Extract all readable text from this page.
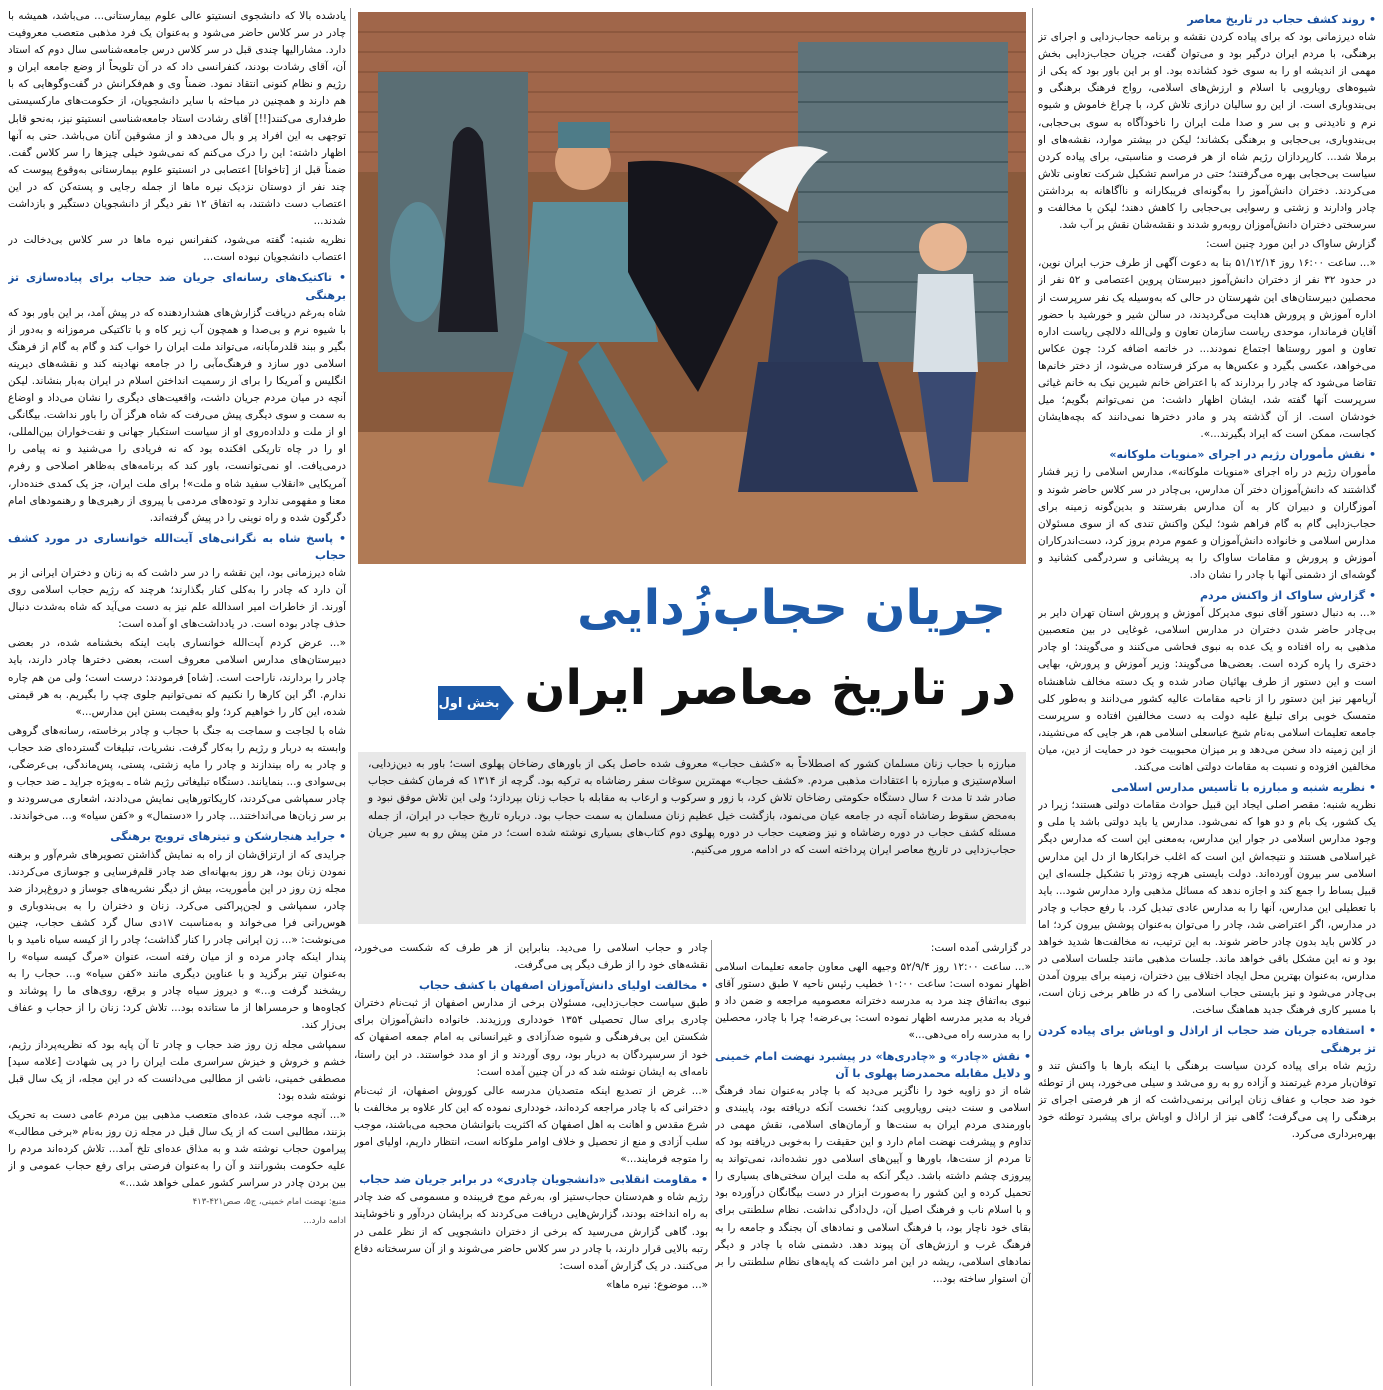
• روند کشف حجاب در تاریخ معاصر

شاه دیرزمانی بود که برای پیاده کردن نقشه و برنامه حجاب‌زدایی و اجرای تز برهنگی، با مردم ایران درگیر بود و می‌توان گفت، جریان حجاب‌زدایی بخش مهمی از اندیشه او را به سوی خود کشانده بود. او بر این باور بود که یکی از شیوه‌های رویارویی با اسلام و ارزش‌های اسلامی، رواج فرهنگ برهنگی و بی‌بندوباری است. از این رو سالیان درازی تلاش کرد، با چراغ خاموش و شیوه نرم و نادیدنی و بی سر و صدا ملت ایران را ناخودآگاه به سوی بی‌حجابی، بی‌بندوباری، بی‌حجابی و برهنگی بکشاند؛ لیکن در بیشتر موارد، نقشه‌های او برملا شد... کارپردازان رژیم شاه از هر فرصت و مناسبتی، برای پیاده کردن سیاست بی‌حجابی بهره می‌گرفتند؛ حتی در مراسم تشکیل شرکت تعاونی تلاش می‌کردند. دختران دانش‌آموز را به‌گونه‌ای فریبکارانه و ناآگاهانه به برداشتن چادر وادارند و زشتی و رسوایی بی‌حجابی را کاهش دهند؛ لیکن با مخالفت و سرسختی دختران دانش‌آموزان روبه‌رو شدند و نقشه‌شان نقش بر آب شد.

گزارش ساواک در این مورد چنین است:

«... ساعت ۱۶:۰۰ روز ۵۱/۱۲/۱۴ بنا به دعوت آگهی از طرف حزب ایران نوین، در حدود ۳۲ نفر از دختران دانش‌آموز دبیرستان پروین اعتصامی و ۵۲ نفر از محصلین دبیرستان‌های این شهرستان در حالی که به‌وسیله یک نفر سرپرست از اداره آموزش و پرورش هدایت می‌گردیدند، در سالن شیر و خورشید با حضور آقایان فرماندار، موحدی ریاست سازمان تعاون و ولی‌الله دلالچی ریاست اداره تعاون و امور روستاها اجتماع نمودند... در خاتمه اضافه کرد: چون عکاس می‌خواهد، عکسی بگیرد و عکس‌ها به مرکز فرستاده می‌شود، از دختر خانم‌ها تقاضا می‌شود که چادر را بردارند که با اعتراض خانم شیرین نیک به خانم غیاثی سرپرست آنها گفته شد، ایشان اظهار داشت: من نمی‌توانم بگویم؛ میل خودشان است. از آن گذشته پدر و مادر دخترها نمی‌دانند که بچه‌هایشان کجاست، ممکن است که ایراد بگیرند...».

• نقش مأموران رژیم در اجرای «منویات ملوکانه»

مأموران رژیم در راه اجرای «منویات ملوکانه»، مدارس اسلامی را زیر فشار گذاشتند که دانش‌آموزان دختر آن مدارس، بی‌چادر در سر کلاس حاضر شوند و آموزگاران و دبیران کار به آن مدارس بفرستند و بدین‌گونه زمینه برای حجاب‌زدایی گام به گام فراهم شود؛ لیکن واکنش تندی که از سوی مسئولان مدارس اسلامی و خانواده دانش‌آموزان و عموم مردم بروز کرد، دست‌اندرکاران آموزش و پرورش و مقامات ساواک را به پریشانی و سردرگمی کشانید و گوشه‌ای از دشمنی آنها با چادر را نشان داد.

• گزارش ساواک از واکنش مردم

«... به دنبال دستور آقای نبوی مدیرکل آموزش و پرورش استان تهران دایر بر بی‌چادر حاضر شدن دختران در مدارس اسلامی، غوغایی در بین متعصبین مذهبی به راه افتاده و یک عده به نبوی فحاشی می‌کنند و می‌گویند: او چادر دختری را پاره کرده است. بعضی‌ها می‌گویند: وزیر آموزش و پرورش، بهایی است و این دستور از طرف بهائیان صادر شده و یک دسته مخالف شاهنشاه آریامهر نیز این دستور را از ناحیه مقامات عالیه کشور می‌دانند و به‌طور کلی متمسک خوبی برای تبلیغ علیه دولت به دست مخالفین افتاده و سرپرست جامعه تعلیمات اسلامی به‌نام شیخ عباسعلی اسلامی هم، هر جایی که می‌نشیند، از این زمینه داد سخن می‌دهد و بر میزان محبوبیت خود در حمایت از دین، میان مخالفین افزوده و نسبت به مقامات دولتی اهانت می‌کند.

• نظریه شنبه و مبارزه با تأسیس مدارس اسلامی

نظریه شنبه: مقصر اصلی ایجاد این قبیل حوادث مقامات دولتی هستند؛ زیرا در یک کشور، یک بام و دو هوا که نمی‌شود. مدارس یا باید دولتی باشد یا ملی و وجود مدارس اسلامی در جوار این مدارس، به‌معنی این است که مدارس دیگر غیراسلامی هستند و نتیجه‌اش این است که اغلب خرابکارها از دل این مدارس اسلامی سر بیرون آورده‌اند. دولت بایستی هرچه زودتر با تشکیل جلسه‌ای این قبیل بساط را جمع کند و اجازه ندهد که مسائل مذهبی وارد مدارس شود... باید با تعطیلی این مدارس، آنها را به مدارس عادی تبدیل کرد. با رفع حجاب و چادر در مدارس، اگر اعتراضی شد، چادر را می‌توان به‌عنوان پوشش بیرون کرد؛ اما در کلاس باید بدون چادر حاضر شوند. به این ترتیب، نه مخالفت‌ها شدید خواهد بود و نه این مشکل باقی خواهد ماند. جلسات مذهبی مانند جلسات اسلامی در مدارس، به‌عنوان بهترین محل ایجاد اختلاف بین دختران، زمینه برای بیرون آمدن بی‌چادر می‌شود و نیز بایستی حجاب اسلامی را که در ظاهر برخی زنان است، با مسیر کاری فرهنگ جدید هماهنگ ساخت.

• استفاده جریان ضد حجاب از اراذل و اوباش برای پیاده کردن تز برهنگی

رژیم شاه برای پیاده کردن سیاست برهنگی با اینکه بارها با واکنش تند و توفان‌بار مردم غیرتمند و آزاده رو به رو می‌شد و سیلی می‌خورد، پس از توطئه خود ضد حجاب و عفاف زنان ایرانی برنمی‌داشت که از هر فرصتی اجرای تز برهنگی را پی می‌گرفت؛ گاهی نیز از اراذل و اوباش برای پیشبرد توطئه خود بهره‌برداری می‌کرد.

یادشده بالا که دانشجوی انستیتو عالی علوم بیمارستانی... می‌باشد، همیشه با چادر در سر کلاس حاضر می‌شود و به‌عنوان یک فرد مذهبی متعصب معروفیت دارد. مشارالیها چندی قبل در سر کلاس درس جامعه‌شناسی سال دوم که استاد آن، آقای رشادت بودند، کنفرانسی داد که در آن تلویحاً از وضع جامعه ایران و رژیم و نظام کنونی انتقاد نمود. ضمناً وی و هم‌فکرانش در گفت‌وگوهایی که با هم دارند و همچنین در مباحثه با سایر دانشجویان، از حکومت‌های مارکسیستی طرفداری می‌کنند[!!] آقای رشادت استاد جامعه‌شناسی انستیتو نیز، به‌نحو قابل توجهی به این افراد پر و بال می‌دهد و از مشوقین آنان می‌باشد. حتی به آنها اظهار داشته: این را درک می‌کنم که نمی‌شود خیلی چیزها را سر کلاس گفت. ضمناً قبل از [تاخوانا] اعتصابی در انستیتو علوم بیمارستانی به‌وقوع پیوست که چند نفر از دوستان نزدیک نیره ماها از جمله رجایی و پسته‌کن که در این اعتصاب دست داشتند، به اتفاق ۱۲ نفر دیگر از دانشجویان دستگیر و بازداشت شدند...

نظریه شنبه: گفته می‌شود، کنفرانس نیره ماها در سر کلاس بی‌دخالت در اعتصاب دانشجویان نبوده است...

• تاکتیک‌های رسانه‌ای جریان ضد حجاب برای پیاده‌سازی تز برهنگی

شاه به‌رغم دریافت گزارش‌های هشداردهنده که در پیش آمد، بر این باور بود که با شیوه نرم و بی‌صدا و همچون آب زیر کاه و با تاکتیکی مرموزانه و به‌دور از بگیر و ببند قلدرمآبانه، می‌تواند ملت ایران را خواب کند و گام به گام از فرهنگ اسلامی دور سازد و فرهنگ‌مآبی را در جامعه نهادینه کند و نقشه‌های دیرینه انگلیس و آمریکا را برای از رسمیت انداختن اسلام در ایران به‌بار بنشاند. لیکن آنچه در میان مردم جریان داشت، واقعیت‌های دیگری را نشان می‌داد و اوضاع به سمت و سوی دیگری پیش می‌رفت که شاه هرگز آن را باور نداشت. بیگانگی او از ملت و دلداده‌روی او از سیاست استکبار جهانی و نفت‌خواران بین‌المللی، او را در چاه تاریکی افکنده بود که نه فریادی را می‌شنید و نه پیامی را درمی‌یافت. او نمی‌توانست، باور کند که برنامه‌های به‌ظاهر اصلاحی و رفرم آمریکایی «انقلاب سفید شاه و ملت»! برای ملت ایران، جز یک کمدی خنده‌دار، معنا و مفهومی ندارد و توده‌های مردمی با پیروی از رهبری‌ها و رهنمودهای امام دگرگون شده و راه نوینی را در پیش گرفته‌اند.

• پاسخ شاه به نگرانی‌های آیت‌الله خوانساری در مورد کشف حجاب

شاه دیرزمانی بود، این نقشه را در سر داشت که به زنان و دختران ایرانی از بر آن دارد که چادر را به‌کلی کنار بگذارند؛ هرچند که رژیم حجاب اسلامی روی آورند. از خاطرات امیر اسدالله علم نیز به دست می‌آید که شاه به‌شدت دنبال حذف چادر بوده است. در یادداشت‌های او آمده است:

«... عرض کردم آیت‌الله خوانساری بابت اینکه بخشنامه شده، در بعضی دبیرستان‌های مدارس اسلامی معروف است، بعضی دخترها چادر دارند، باید چادر را بردارند، ناراحت است. [شاه] فرمودند: درست است؛ ولی من هم چاره ندارم. اگر این کارها را نکنیم که نمی‌توانیم جلوی چپ را بگیریم. به هر قیمتی شده، این کار را خواهیم کرد؛ ولو به‌قیمت بستن این مدارس...»

شاه با لجاجت و سماجت به جنگ با حجاب و چادر برخاسته، رسانه‌های گروهی وابسته به دربار و رژیم را به‌کار گرفت. نشریات، تبلیغات گسترده‌ای ضد حجاب و چادر به راه بیندازند و چادر را مایه زشتی، پستی، پس‌ماندگی، بی‌عرضگی، بی‌سوادی و... بنمایانند. دستگاه تبلیغاتی رژیم شاه ـ به‌ویژه جراید ـ ضد حجاب و چادر سمپاشی می‌کردند، کاریکاتورهایی نمایش می‌دادند، اشعاری می‌سرودند و بر سر زبان‌ها می‌انداختند... چادر را «دستمال» و «کفن سیاه» و... می‌خواندند.

• جراید هنجارشکن و تیترهای ترویج برهنگی

جرایدی که از ارتزاق‌شان از راه به نمایش گذاشتن تصویرهای شرم‌آور و برهنه نمودن زنان بود، هر روز به‌بهانه‌ای ضد چادر قلم‌فرسایی و جوسازی می‌کردند. مجله زن روز در این مأموریت، بیش از دیگر نشریه‌های جوساز و دروغ‌پرداز ضد چادر، سمپاشی و لجن‌پراکنی می‌کرد. زنان و دختران را به بی‌بندوباری و هوس‌رانی فرا می‌خواند و به‌مناسبت ۱۷دی سال گرد کشف حجاب، چنین می‌نوشت: «... زن ایرانی چادر را کنار گذاشت؛ چادر را از کیسه سیاه نامید و با پندار اینکه چادر مرده و از میان رفته است، عنوان «مرگ کیسه سیاه» را به‌عنوان تیتر برگزید و با عناوین دیگری مانند «کفن سیاه» و... حجاب را به ریشخند گرفت و...» و دیروز سیاه چادر و برقع، روی‌های ما را پوشاند و کجاوه‌ها و حرمسراها از ما ستانده بود... تلاش کرد: زنان را از حجاب و عفاف بی‌زار کند.

سمپاشی مجله زن روز ضد حجاب و چادر تا آن پایه بود که نظریه‌پرداز رژیم، خشم و خروش و خیزش سراسری ملت ایران را در پی شهادت [علامه سید] مصطفی خمینی، ناشی از مطالبی می‌دانست که در این مجله، از یک سال قبل نوشته شده بود:

«... آنچه موجب شد، عده‌ای متعصب مذهبی بین مردم عامی دست به تحریک بزنند، مطالبی است که از یک سال قبل در مجله زن روز به‌نام «برخی مطالب» پیرامون حجاب نوشته شد و به مذاق عده‌ای تلخ آمد... تلاش کرده‌اند مردم را علیه حکومت بشورانند و آن را به‌عنوان فرصتی برای رفع حجاب عمومی و از بین بردن چادر در سراسر کشور عملی خواهد شد...»

منبع: نهضت امام خمینی، ج۵، صص۴۲۱-۴۱۳

ادامه دارد...

جریان حجاب‌زُدایی
در تاریخ معاصر ایران
بخش اول
مبارزه با حجاب زنان مسلمان کشور که اصطلاحاً به «کشف حجاب» معروف شده حاصل یکی از باورهای رضاخان پهلوی است؛ باور به دین‌زدایی، اسلام‌ستیزی و مبارزه با اعتقادات مذهبی مردم. «کشف حجاب» مهمترین سوغات سفر رضاشاه به ترکیه بود. گرچه از ۱۳۱۴ که فرمان کشف حجاب صادر شد تا مدت ۶ سال دستگاه حکومتی رضاخان تلاش کرد، با زور و سرکوب و ارعاب به مقابله با حجاب زنان بپردازد؛ ولی این تلاش موفق نبود و به‌محض سقوط رضاشاه آنچه در جامعه عیان می‌نمود، بازگشت خیل عظیم زنان مسلمان به سمت حجاب بود. درباره تاریخ حجاب در ایران، از جمله مسئله کشف حجاب در دوره رضاشاه و نیز وضعیت حجاب در دوره پهلوی دوم کتاب‌های بسیاری نوشته شده است؛ در متن پیش رو به سیر جریان حجاب‌زدایی در تاریخ معاصر ایران پرداخته است که در ادامه مرور می‌کنیم.

در گزارشی آمده است:

«... ساعت ۱۲:۰۰ روز ۵۲/۹/۴ وجیهه الهی معاون جامعه تعلیمات اسلامی اظهار نموده است: ساعت ۱۰:۰۰ خطیب رئیس ناحیه ۷ طبق دستور آقای نبوی به‌اتفاق چند مرد به مدرسه دخترانه معصومیه مراجعه و ضمن داد و فریاد به مدیر مدرسه اظهار نموده است: بی‌عرضه! چرا با چادر، محصلین را به مدرسه راه می‌دهی...»

• نقش «چادر» و «چادری‌ها» در پیشبرد نهضت امام خمینی و دلایل مقابله محمدرضا پهلوی با آن

شاه از دو زاویه خود را ناگزیر می‌دید که با چادر به‌عنوان نماد فرهنگ اسلامی و سنت دینی رویارویی کند؛ نخست آنکه دریافته بود، پایبندی و باورمندی مردم ایران به سنت‌ها و آرمان‌های اسلامی، نقش مهمی در تداوم و پیشرفت نهضت امام دارد و این حقیقت را به‌خوبی دریافته بود که تا مردم از سنت‌ها، باورها و آیین‌های اسلامی دور نشده‌اند، نمی‌تواند به پیروزی چشم داشته باشد. دیگر آنکه به ملت ایران سختی‌های بسیاری را تحمیل کرده و این کشور را به‌صورت ابزار در دست بیگانگان درآورده بود و با اسلام ناب و فرهنگ اصیل آن، دل‌دادگی نداشت. نظام سلطنتی برای بقای خود ناچار بود، با فرهنگ اسلامی و نمادهای آن بجنگد و جامعه را به فرهنگ غرب و ارزش‌های آن پیوند دهد. دشمنی شاه با چادر و دیگر نمادهای اسلامی، ریشه در این امر داشت که پایه‌های نظام سلطنتی را بر آن استوار ساخته بود...

چادر و حجاب اسلامی را می‌دید. بنابراین از هر طرف که شکست می‌خورد، نقشه‌های خود را از طرف دیگر پی می‌گرفت.

• مخالفت اولیای دانش‌آموزان اصفهان با کشف حجاب

طبق سیاست حجاب‌زدایی، مسئولان برخی از مدارس اصفهان از ثبت‌نام دختران چادری برای سال تحصیلی ۱۳۵۴ خودداری ورزیدند. خانواده دانش‌آموزان برای شکستن این بی‌فرهنگی و شیوه ضدآزادی و غیرانسانی به امام جمعه اصفهان که خود از سرسپردگان به دربار بود، روی آوردند و از او مدد خواستند. در این راستا، نامه‌ای به ایشان نوشته شد که در آن چنین آمده است:

«... غرض از تصدیع اینکه متصدیان مدرسه عالی کوروش اصفهان، از ثبت‌نام دخترانی که با چادر مراجعه کرده‌اند، خودداری نموده که این کار علاوه بر مخالفت با شرع مقدس و اهانت به اهل اصفهان که اکثریت بانوانشان محجبه می‌باشند، موجب سلب آزادی و منع از تحصیل و خلاف اوامر ملوکانه است، انتظار داریم، اولیای امور را متوجه فرمایند...»

• مقاومت انقلابی «دانشجویان چادری» در برابر جریان ضد حجاب

رژیم شاه و هم‌دستان حجاب‌ستیز او، به‌رغم موج فریبنده و مسمومی که ضد چادر به راه انداخته بودند، گزارش‌هایی دریافت می‌کردند که برایشان دردآور و ناخوشایند بود. گاهی گزارش می‌رسید که برخی از دختران دانشجویی که از نظر علمی در رتبه بالایی قرار دارند، با چادر در سر کلاس حاضر می‌شوند و از آن سرسختانه دفاع می‌کنند. در یک گزارش آمده است:

«... موضوع: نیره ماها»
